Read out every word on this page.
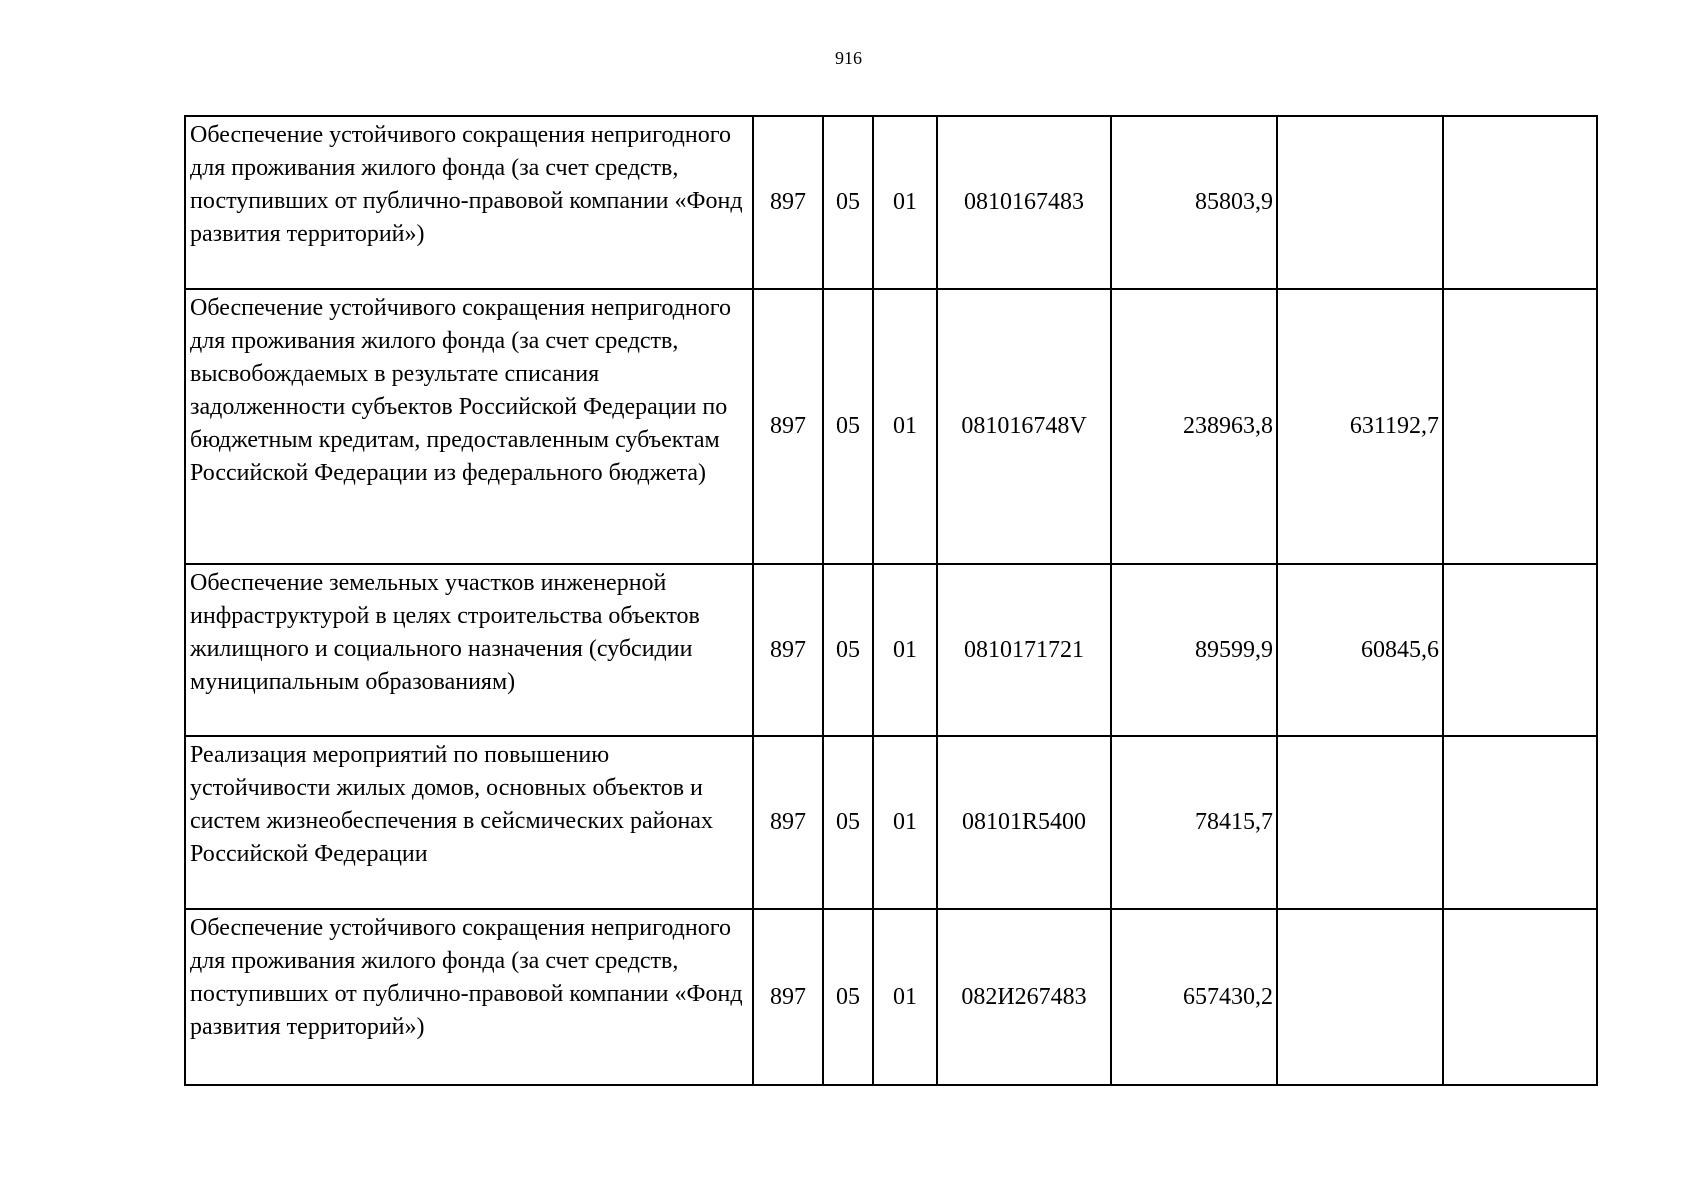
916
Обеспечение устойчивого сокращения непригодного для проживания жилого фонда (за счет средств, поступивших от публично-правовой компании «Фонд развития территорий»)	897	05	01	0810167483	85803,9		
Обеспечение устойчивого сокращения непригодного для проживания жилого фонда (за счет средств, высвобождаемых в результате списания задолженности субъектов Российской Федерации по бюджетным кредитам, предоставленным субъектам Российской Федерации из федерального бюджета)	897	05	01	081016748V	238963,8	631192,7	
Обеспечение земельных участков инженерной инфраструктурой в целях строительства объектов жилищного и социального назначения (субсидии муниципальным образованиям)	897	05	01	0810171721	89599,9	60845,6	
Реализация мероприятий по повышению устойчивости жилых домов, основных объектов и систем жизнеобеспечения в сейсмических районах Российской Федерации	897	05	01	08101R5400	78415,7		
Обеспечение устойчивого сокращения непригодного для проживания жилого фонда (за счет средств, поступивших от публично-правовой компании «Фонд развития территорий»)	897	05	01	082И267483	657430,2		
